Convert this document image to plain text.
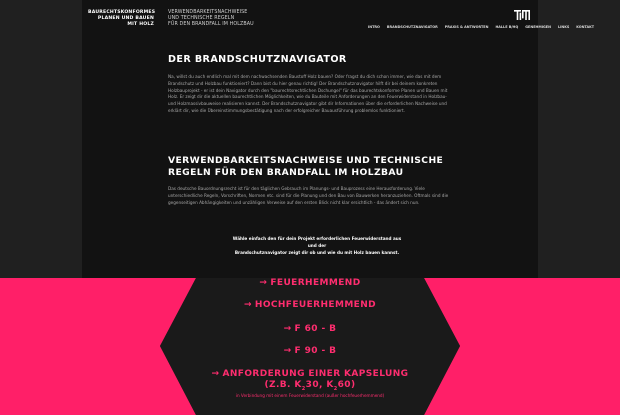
BAURECHTSKONFORMES
PLANEN UND BAUEN
MIT HOLZ
VERWENDBARKEITSNACHWEISE
UND TECHNISCHE REGELN
FÜR DEN BRANDFALL IM HOLZBAU	INTRO BRANDSCHUTZNAVIGATOR PRAXIS & ANTWORTEN HALLE B/HQ GENEHMIGEN LINKS KONTAKT
DER BRANDSCHUTZNAVIGATOR
Na, willst du auch endlich mal mit dem nachwachsenden Baustoff Holz bauen? Oder fragst du dich schon immer, wie das mit dem Brandschutz und Holzbau funktioniert? Dann bist du hier genau richtig! Der Brandschutznavigator hilft dir bei deinem konkreten Holzbauprojekt - er ist dein Navigator durch den "baurechtsrechtlichen Dschungel" für das baurechtskonforme Planen und Bauen mit Holz. Er zeigt dir die aktuellen baurechtlichen Möglichkeiten, wie du Bauteile mit Anforderungen an den Feuerwiderstand in Holzbau- und Holzmassivbauweise realisieren kannst. Der Brandschutznavigator gibt dir Informationen über die erforderlichen Nachweise und erklärt dir, wie die Übereinstimmungsbestätigung nach der erfolgreicher Bauausführung problemlos funktioniert.
VERWENDBARKEITSNACHWEISE UND TECHNISCHE REGELN FÜR DEN BRANDFALL IM HOLZBAU
Das deutsche Bauordnungsrecht ist für den täglichen Gebrauch im Planungs- und Bauprozess eine Herausforderung. Viele unterschiedliche Regeln, Vorschriften, Normen etc. sind für die Planung und den Bau von Bauwerken heranzuziehen. Oftmals sind die gegenseitigen Abhängigkeiten und unzähligen Verweise auf den ersten Blick nicht klar ersichtlich - das ändert sich nun.
Wähle einfach den für dein Projekt erforderlichen Feuerwiderstand aus und der
Brandschutznavigator zeigt dir ob und wie du mit Holz bauen kannst.
→ FEUERHEMMEND
→ HOCHFEUERHEMMEND
→ F 60 - B
→ F 90 - B
→ ANFORDERUNG EINER KAPSELUNG
(Z.B. $K_230$, $K_260$)
in Verbindung mit einem Feuerwiderstand (außer hochfeuerhemmend)
